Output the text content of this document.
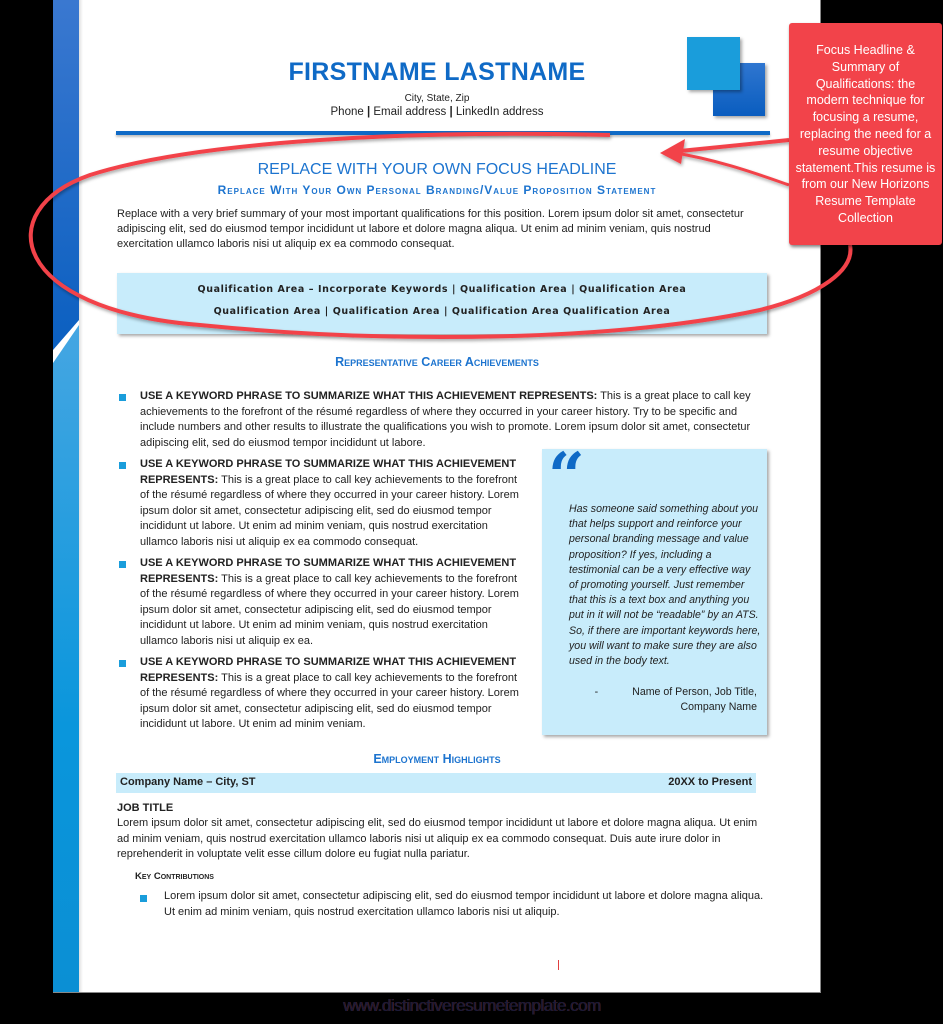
FIRSTNAME LASTNAME
City, State, Zip
Phone | Email address | LinkedIn address
REPLACE WITH YOUR OWN FOCUS HEADLINE
Replace With Your Own Personal Branding/Value Proposition Statement
Replace with a very brief summary of your most important qualifications for this position. Lorem ipsum dolor sit amet, consectetur adipiscing elit, sed do eiusmod tempor incididunt ut labore et dolore magna aliqua. Ut enim ad minim veniam, quis nostrud exercitation ullamco laboris nisi ut aliquip ex ea commodo consequat.
Qualification Area – Incorporate Keywords | Qualification Area | Qualification Area
Qualification Area | Qualification Area | Qualification Area Qualification Area
Representative Career Achievements
USE A KEYWORD PHRASE TO SUMMARIZE WHAT THIS ACHIEVEMENT REPRESENTS: This is a great place to call key achievements to the forefront of the résumé regardless of where they occurred in your career history. Try to be specific and include numbers and other results to illustrate the qualifications you wish to promote. Lorem ipsum dolor sit amet, consectetur adipiscing elit, sed do eiusmod tempor incididunt ut labore.
USE A KEYWORD PHRASE TO SUMMARIZE WHAT THIS ACHIEVEMENT REPRESENTS: This is a great place to call key achievements to the forefront of the résumé regardless of where they occurred in your career history. Lorem ipsum dolor sit amet, consectetur adipiscing elit, sed do eiusmod tempor incididunt ut labore. Ut enim ad minim veniam, quis nostrud exercitation ullamco laboris nisi ut aliquip ex ea commodo consequat.
USE A KEYWORD PHRASE TO SUMMARIZE WHAT THIS ACHIEVEMENT REPRESENTS: This is a great place to call key achievements to the forefront of the résumé regardless of where they occurred in your career history. Lorem ipsum dolor sit amet, consectetur adipiscing elit, sed do eiusmod tempor incididunt ut labore. Ut enim ad minim veniam, quis nostrud exercitation ullamco laboris nisi ut aliquip ex ea.
USE A KEYWORD PHRASE TO SUMMARIZE WHAT THIS ACHIEVEMENT REPRESENTS: This is a great place to call key achievements to the forefront of the résumé regardless of where they occurred in your career history. Lorem ipsum dolor sit amet, consectetur adipiscing elit, sed do eiusmod tempor incididunt ut labore. Ut enim ad minim veniam.
“
Has someone said something about you that helps support and reinforce your personal branding message and value proposition? If yes, including a testimonial can be a very effective way of promoting yourself. Just remember that this is a text box and anything you put in it will not be “readable” by an ATS. So, if there are important keywords here, you will want to make sure they are also used in the body text.
-	Name of Person, Job Title,
Company Name
Employment Highlights
Company Name – City, ST	20XX to Present
JOB TITLE
Lorem ipsum dolor sit amet, consectetur adipiscing elit, sed do eiusmod tempor incididunt ut labore et dolore magna aliqua. Ut enim ad minim veniam, quis nostrud exercitation ullamco laboris nisi ut aliquip ex ea commodo consequat. Duis aute irure dolor in reprehenderit in voluptate velit esse cillum dolore eu fugiat nulla pariatur.
Key Contributions
Lorem ipsum dolor sit amet, consectetur adipiscing elit, sed do eiusmod tempor incididunt ut labore et dolore magna aliqua. Ut enim ad minim veniam, quis nostrud exercitation ullamco laboris nisi ut aliquip.
www.distinctiveresumetemplate.com
Focus Headline & Summary of Qualifications: the modern technique for focusing a resume, replacing the need for a resume objective statement.This resume is from our New Horizons Resume Template Collection
